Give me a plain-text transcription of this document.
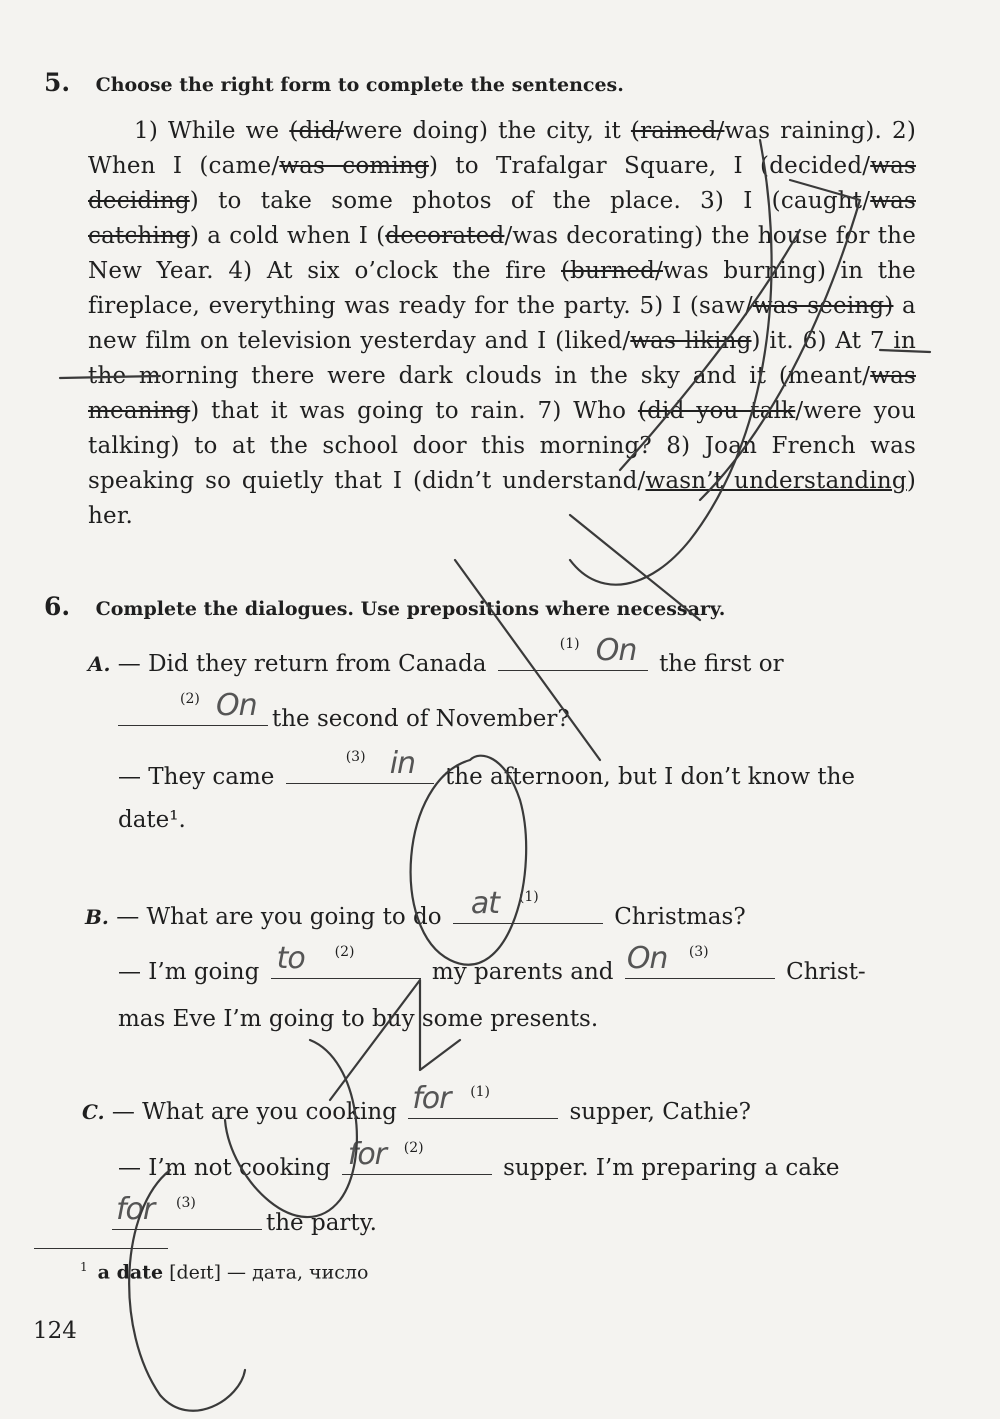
5. Choose the right form to complete the sentences.
1) While we (did/were doing) the city, it (rained/was raining). 2) When I (came/was coming) to Trafalgar Square, I (decided/was deciding) to take some photos of the place. 3) I (caught/was catching) a cold when I (decorated/was decorating) the house for the New Year. 4) At six o’clock the fire (burned/was burning) in the fireplace, everything was ready for the party. 5) I (saw/was seeing) a new film on television yesterday and I (liked/was liking) it. 6) At 7 in the morning there were dark clouds in the sky and it (meant/was meaning) that it was going to rain. 7) Who (did you talk/were you talking) to at the school door this morning? 8) Joan French was speaking so quietly that I (didn’t understand/wasn’t understanding) her.
6. Complete the dialogues. Use prepositions where necessary.
A. — Did they return from Canada
(1) On the first or
(2) On the second of November?
— They came
(3) in the afternoon, but I don’t know the
date¹.
B. — What are you going to do
(1)
at	Christmas?
— I’m going
(2)
to	my parents and
(3)
On	Christ-
mas Eve I’m going to buy some presents.
C. — What are you cooking
(1)
for	supper, Cathie?
— I’m not cooking
(2)
for	supper. I’m preparing a cake
(3)
for	the party.
$^1$ a date [deɪt] — дата, число
124
